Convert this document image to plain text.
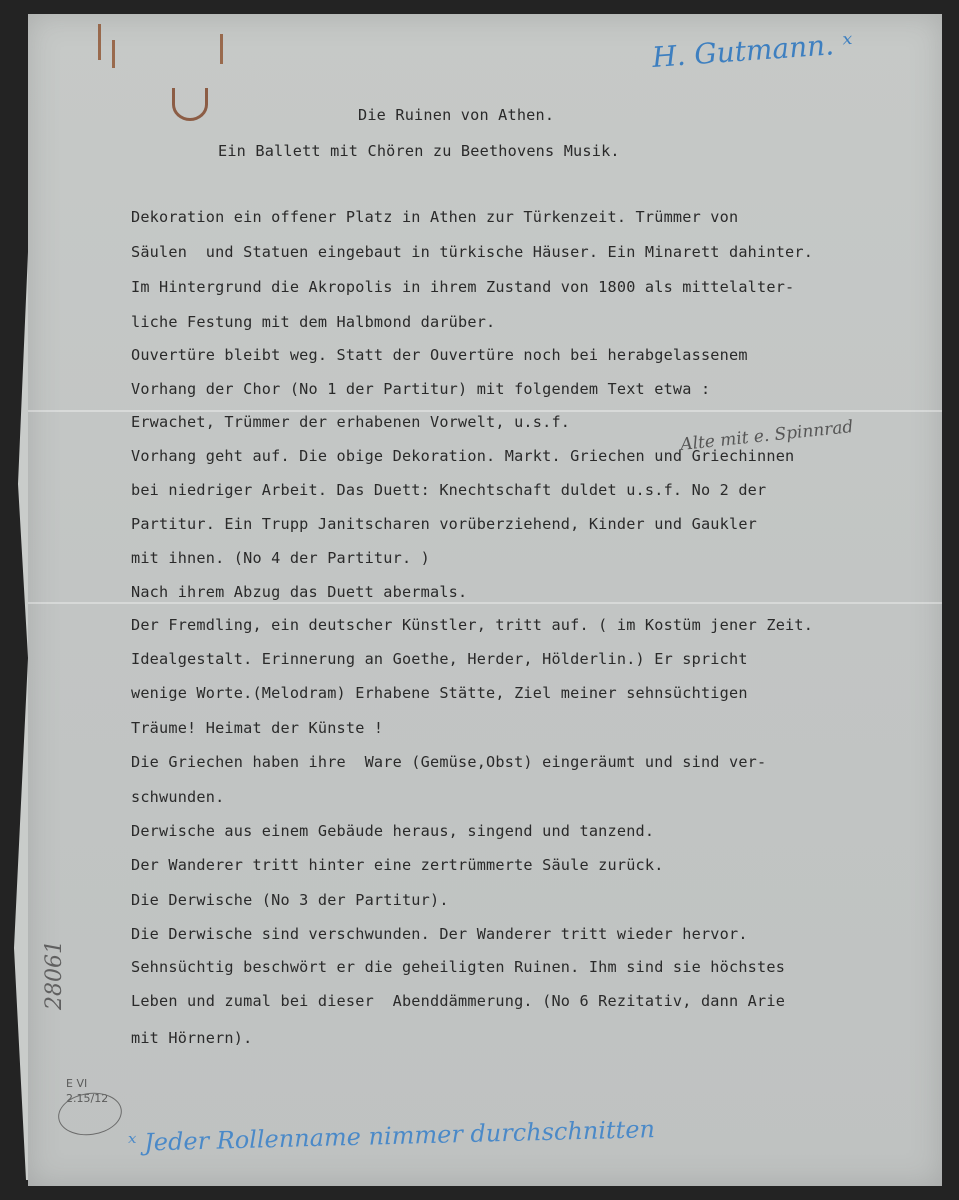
H. Gutmann. ˣ
Die Ruinen von Athen.
Ein Ballett mit Chören zu Beethovens Musik.
Dekoration ein offener Platz in Athen zur Türkenzeit. Trümmer von
Säulen  und Statuen eingebaut in türkische Häuser. Ein Minarett dahinter.
Im Hintergrund die Akropolis in ihrem Zustand von 1800 als mittelalter-
liche Festung mit dem Halbmond darüber.
Ouvertüre bleibt weg. Statt der Ouvertüre noch bei herabgelassenem
Vorhang der Chor (No 1 der Partitur) mit folgendem Text etwa :
Erwachet, Trümmer der erhabenen Vorwelt, u.s.f.
Vorhang geht auf. Die obige Dekoration. Markt. Griechen und Griechinnen
bei niedriger Arbeit. Das Duett: Knechtschaft duldet u.s.f. No 2 der
Partitur. Ein Trupp Janitscharen vorüberziehend, Kinder und Gaukler
mit ihnen. (No 4 der Partitur. )
Nach ihrem Abzug das Duett abermals.
Der Fremdling, ein deutscher Künstler, tritt auf. ( im Kostüm jener Zeit.
Idealgestalt. Erinnerung an Goethe, Herder, Hölderlin.) Er spricht
wenige Worte.(Melodram) Erhabene Stätte, Ziel meiner sehnsüchtigen
Träume! Heimat der Künste !
Die Griechen haben ihre  Ware (Gemüse,Obst) eingeräumt und sind ver-
schwunden.
Derwische aus einem Gebäude heraus, singend und tanzend.
Der Wanderer tritt hinter eine zertrümmerte Säule zurück.
Die Derwische (No 3 der Partitur).
Die Derwische sind verschwunden. Der Wanderer tritt wieder hervor.
Sehnsüchtig beschwört er die geheiligten Ruinen. Ihm sind sie höchstes
Leben und zumal bei dieser  Abenddämmerung. (No 6 Rezitativ, dann Arie
mit Hörnern).
Alte mit e. Spinnrad
28061
E VI
2.15/12
ˣ Jeder Rollenname nimmer durchschnitten
